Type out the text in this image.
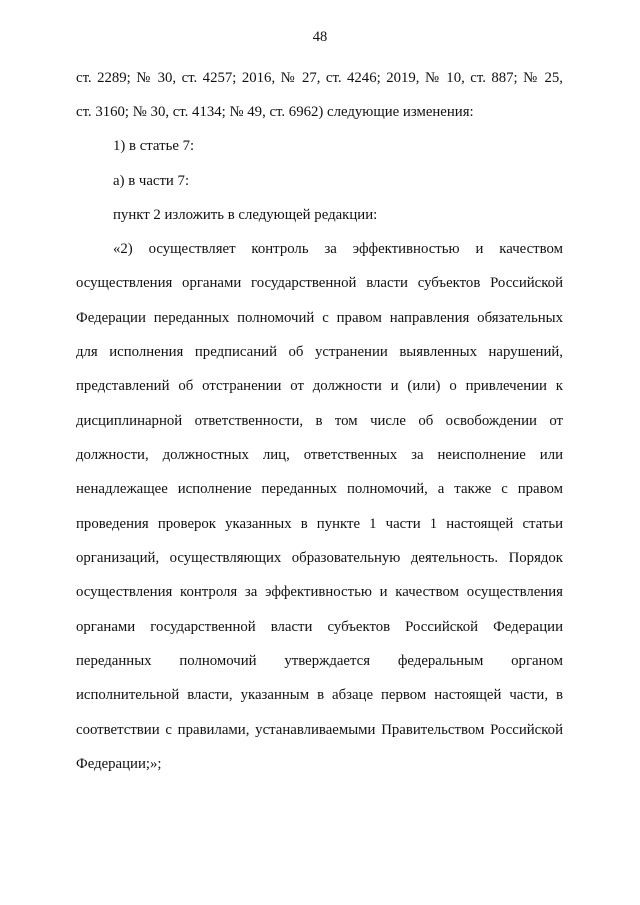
48
ст. 2289; № 30, ст. 4257; 2016, № 27, ст. 4246; 2019, № 10, ст. 887; № 25,
ст. 3160; № 30, ст. 4134; № 49, ст. 6962) следующие изменения:
1) в статье 7:
а) в части 7:
пункт 2 изложить в следующей редакции:
«2) осуществляет контроль за эффективностью и качеством
осуществления органами государственной власти субъектов Российской
Федерации переданных полномочий с правом направления обязательных
для исполнения предписаний об устранении выявленных нарушений,
представлений об отстранении от должности и (или) о привлечении к
дисциплинарной ответственности, в том числе об освобождении от
должности, должностных лиц, ответственных за неисполнение или
ненадлежащее исполнение переданных полномочий, а также с правом
проведения проверок указанных в пункте 1 части 1 настоящей статьи
организаций, осуществляющих образовательную деятельность. Порядок
осуществления контроля за эффективностью и качеством осуществления
органами государственной власти субъектов Российской Федерации
переданных полномочий утверждается федеральным органом
исполнительной власти, указанным в абзаце первом настоящей части, в
соответствии с правилами, устанавливаемыми Правительством Российской
Федерации;»;
